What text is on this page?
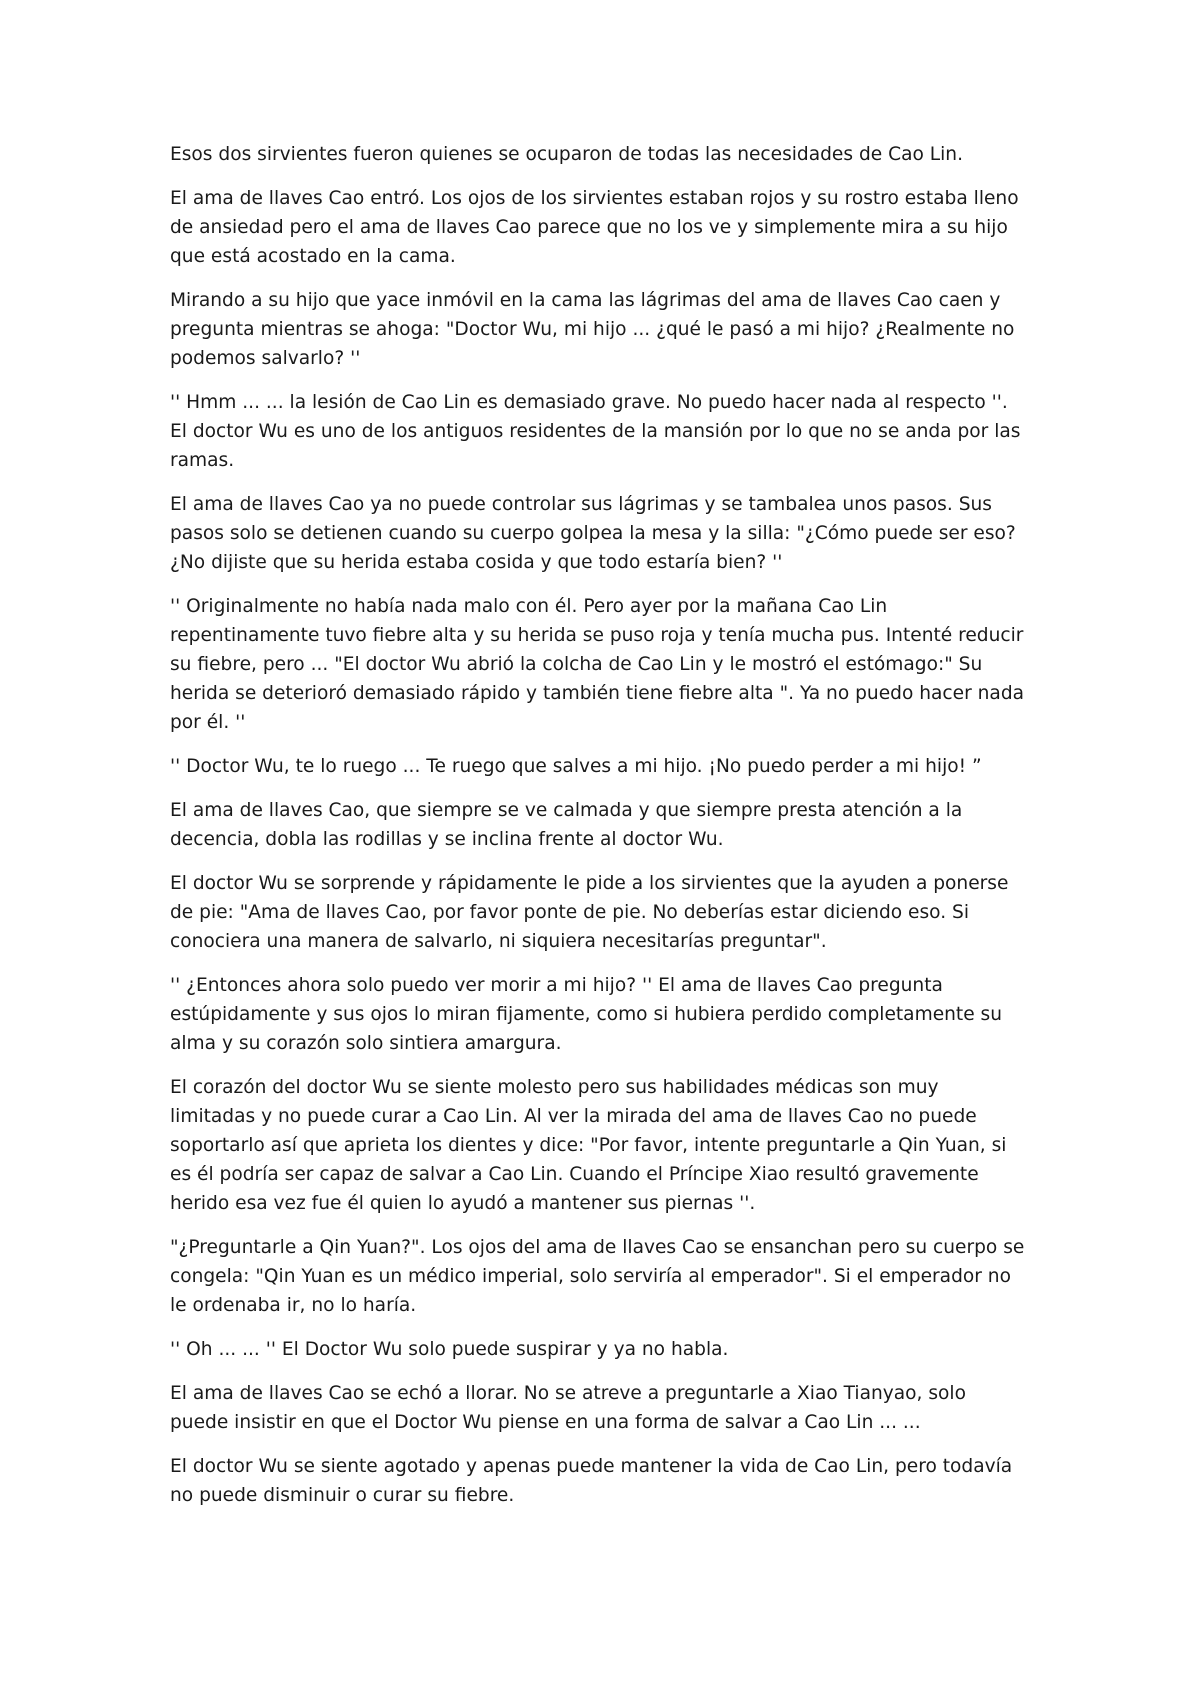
Esos dos sirvientes fueron quienes se ocuparon de todas las necesidades de Cao Lin.

El ama de llaves Cao entró. Los ojos de los sirvientes estaban rojos y su rostro estaba lleno de ansiedad pero el ama de llaves Cao parece que no los ve y simplemente mira a su hijo que está acostado en la cama.

Mirando a su hijo que yace inmóvil en la cama las lágrimas del ama de llaves Cao caen y pregunta mientras se ahoga: "Doctor Wu, mi hijo ... ¿qué le pasó a mi hijo? ¿Realmente no podemos salvarlo? ''

'' Hmm ... ... la lesión de Cao Lin es demasiado grave. No puedo hacer nada al respecto ''. El doctor Wu es uno de los antiguos residentes de la mansión por lo que no se anda por las ramas.

El ama de llaves Cao ya no puede controlar sus lágrimas y se tambalea unos pasos. Sus pasos solo se detienen cuando su cuerpo golpea la mesa y la silla: "¿Cómo puede ser eso? ¿No dijiste que su herida estaba cosida y que todo estaría bien? ''

'' Originalmente no había nada malo con él. Pero ayer por la mañana Cao Lin repentinamente tuvo fiebre alta y su herida se puso roja y tenía mucha pus. Intenté reducir su fiebre, pero ... "El doctor Wu abrió la colcha de Cao Lin y le mostró el estómago:" Su herida se deterioró demasiado rápido y también tiene fiebre alta ". Ya no puedo hacer nada por él. ''

'' Doctor Wu, te lo ruego ... Te ruego que salves a mi hijo. ¡No puedo perder a mi hijo! ”

El ama de llaves Cao, que siempre se ve calmada y que siempre presta atención a la decencia, dobla las rodillas y se inclina frente al doctor Wu.

El doctor Wu se sorprende y rápidamente le pide a los sirvientes que la ayuden a ponerse de pie: "Ama de llaves Cao, por favor ponte de pie. No deberías estar diciendo eso. Si conociera una manera de salvarlo, ni siquiera necesitarías preguntar".

'' ¿Entonces ahora solo puedo ver morir a mi hijo? '' El ama de llaves Cao pregunta estúpidamente y sus ojos lo miran fijamente, como si hubiera perdido completamente su alma y su corazón solo sintiera amargura.

El corazón del doctor Wu se siente molesto pero sus habilidades médicas son muy limitadas y no puede curar a Cao Lin. Al ver la mirada del ama de llaves Cao no puede soportarlo así que aprieta los dientes y dice: "Por favor, intente preguntarle a Qin Yuan, si es él podría ser capaz de salvar a Cao Lin. Cuando el Príncipe Xiao resultó gravemente herido esa vez fue él quien lo ayudó a mantener sus piernas ''.

"¿Preguntarle a Qin Yuan?". Los ojos del ama de llaves Cao se ensanchan pero su cuerpo se congela: "Qin Yuan es un médico imperial, solo serviría al emperador". Si el emperador no le ordenaba ir, no lo haría.

'' Oh ... ... '' El Doctor Wu solo puede suspirar y ya no habla.

El ama de llaves Cao se echó a llorar. No se atreve a preguntarle a Xiao Tianyao, solo puede insistir en que el Doctor Wu piense en una forma de salvar a Cao Lin ... ...

El doctor Wu se siente agotado y apenas puede mantener la vida de Cao Lin, pero todavía no puede disminuir o curar su fiebre.
